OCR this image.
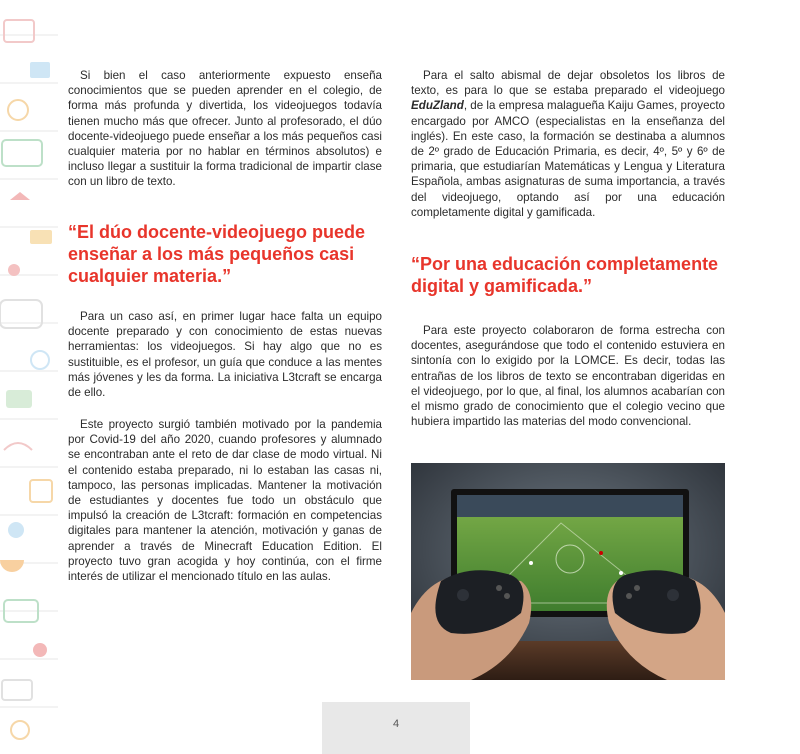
Si bien el caso anteriormente expuesto enseña conocimientos que se pueden aprender en el colegio, de forma más profunda y divertida, los videojuegos todavía tienen mucho más que ofrecer. Junto al profesorado, el dúo docente-videojuego puede enseñar a los más pequeños casi cualquier materia por no hablar en términos absolutos) e incluso llegar a sustituir la forma tradicional de impartir clase con un libro de texto.

“El dúo docente-videojuego puede enseñar a los más pequeños casi cualquier materia.”

Para un caso así, en primer lugar hace falta un equipo docente preparado y con conocimiento de estas nuevas herramientas: los videojuegos. Si hay algo que no es sustituible, es el profesor, un guía que conduce a las mentes más jóvenes y les da forma. La iniciativa L3tcraft se encarga de ello.

Este proyecto surgió también motivado por la pandemia por Covid-19 del año 2020, cuando profesores y alumnado se encontraban ante el reto de dar clase de modo virtual. Ni el contenido estaba preparado, ni lo estaban las casas ni, tampoco, las personas implicadas. Mantener la motivación de estudiantes y docentes fue todo un obstáculo que impulsó la creación de L3tcraft: formación en competencias digitales para mantener la atención, motivación y ganas de aprender a través de Minecraft Education Edition. El proyecto tuvo gran acogida y hoy continúa, con el firme interés de utilizar el mencionado título en las aulas.

Para el salto abismal de dejar obsoletos los libros de texto, es para lo que se estaba preparado el videojuego EduZland, de la empresa malagueña Kaiju Games, proyecto encargado por AMCO (especialistas en la enseñanza del inglés). En este caso, la formación se destinaba a alumnos de 2º grado de Educación Primaria, es decir, 4º, 5º y 6º de primaria, que estudiarían Matemáticas y Lengua y Literatura Española, ambas asignaturas de suma importancia, a través del videojuego, optando así por una educación completamente digital y gamificada.

“Por una educación completamente digital y gamificada.”

Para este proyecto colaboraron de forma estrecha con docentes, asegurándose que todo el contenido estuviera en sintonía con lo exigido por la LOMCE. Es decir, todas las entrañas de los libros de texto se encontraban digeridas en el videojuego, por lo que, al final, los alumnos acabarían con el mismo grado de conocimiento que el colegio vecino que hubiera impartido las materias del modo convencional.

4
